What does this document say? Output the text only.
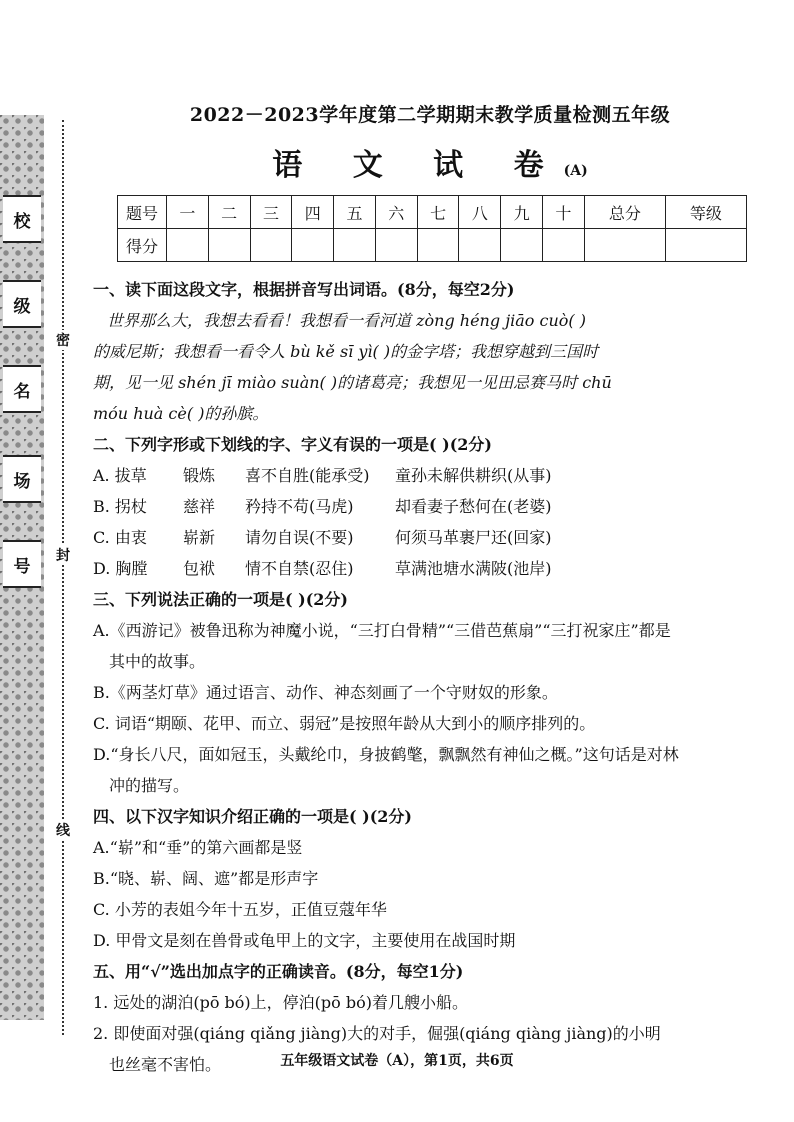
校
级
名
场
号
密
封
线
2022－2023学年度第二学期期末教学质量检测五年级
语 文 试 卷(A)
题号	一	二	三	四	五	六	七	八	九	十	总分	等级
得分												
一、读下面这段文字，根据拼音写出词语。(8分，每空2分)
世界那么大，我想去看看！我想看一看河道 zòng héng jiāo cuò( )
的威尼斯；我想看一看令人 bù kě sī yì( )的金字塔；我想穿越到三国时
期，见一见 shén jī miào suàn( )的诸葛亮；我想见一见田忌赛马时 chū
móu huà cè( )的孙膑。
二、下列字形或下划线的字、字义有误的一项是( )(2分)
A. 拔草	锻炼	喜不自胜(能承受)	童孙未解供耕织(从事)
B. 拐杖	慈祥	矜持不苟(马虎)	却看妻子愁何在(老婆)
C. 由衷	崭新	请勿自误(不要)	何须马革裹尸还(回家)
D. 胸膛	包袱	情不自禁(忍住)	草满池塘水满陂(池岸)
三、下列说法正确的一项是( )(2分)
A.《西游记》被鲁迅称为神魔小说，“三打白骨精”“三借芭蕉扇”“三打祝家庄”都是
其中的故事。
B.《两茎灯草》通过语言、动作、神态刻画了一个守财奴的形象。
C. 词语“期颐、花甲、而立、弱冠”是按照年龄从大到小的顺序排列的。
D.“身长八尺，面如冠玉，头戴纶巾，身披鹤氅，飘飘然有神仙之概。”这句话是对林
冲的描写。
四、以下汉字知识介绍正确的一项是( )(2分)
A.“崭”和“垂”的第六画都是竖
B.“晓、崭、阔、遮”都是形声字
C. 小芳的表姐今年十五岁，正值豆蔻年华
D. 甲骨文是刻在兽骨或龟甲上的文字，主要使用在战国时期
五、用“√”选出加点字的正确读音。(8分，每空1分)
1. 远处的湖泊(pō bó)上，停泊(pō bó)着几艘小船。
2. 即使面对强(qiáng qiǎng jiàng)大的对手，倔强(qiáng qiàng jiàng)的小明
也丝毫不害怕。	五年级语文试卷（A），第1页，共6页
